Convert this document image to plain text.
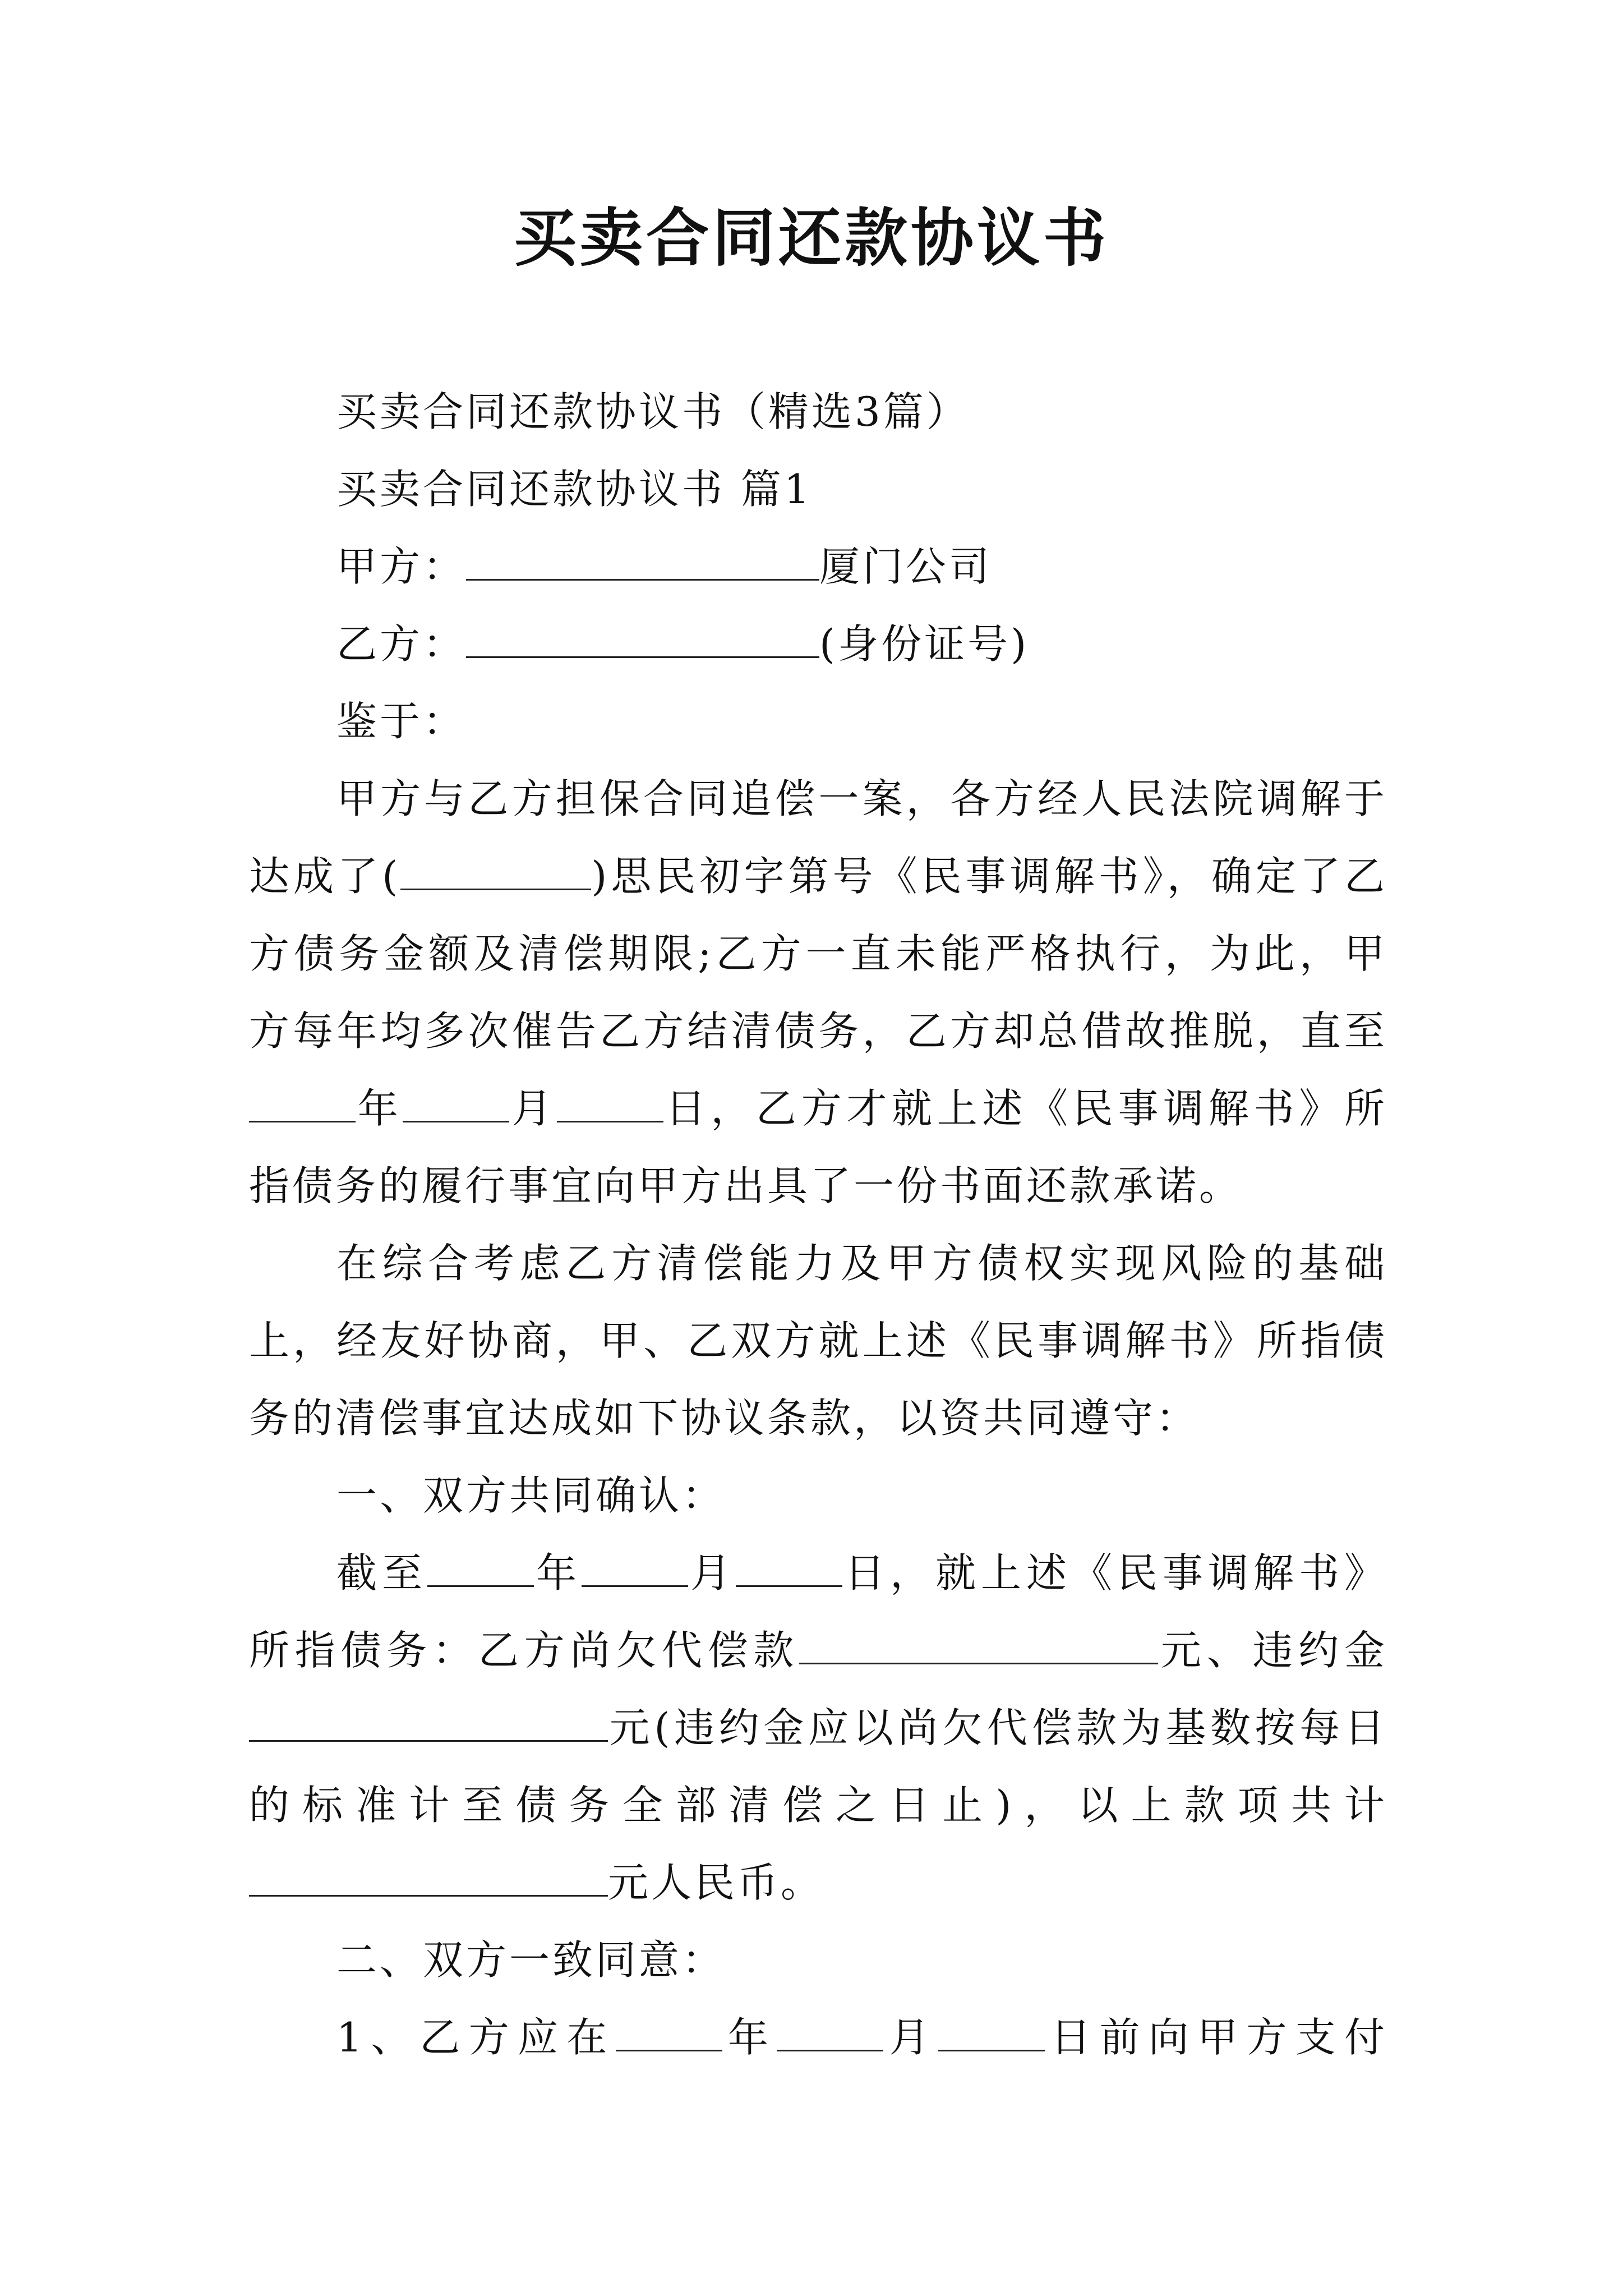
买卖合同还款协议书
买卖合同还款协议书（精选3篇）
买卖合同还款协议书 篇1
甲方：	厦门公司
乙方：	(身份证号)
鉴于：
甲方与乙方担保合同追偿一案，各方经人民法院调解于
达成了(	)思民初字第号《民事调解书》，确定了乙
方债务金额及清偿期限;乙方一直未能严格执行，为此，甲
方每年均多次催告乙方结清债务，乙方却总借故推脱，直至
年	月	日，乙方才就上述《民事调解书》所
指债务的履行事宜向甲方出具了一份书面还款承诺。
在综合考虑乙方清偿能力及甲方债权实现风险的基础
上，经友好协商，甲、乙双方就上述《民事调解书》所指债
务的清偿事宜达成如下协议条款，以资共同遵守：
一、双方共同确认：
截至	年	月	日，就上述《民事调解书》
所指债务：乙方尚欠代偿款	元、违约金
元(违约金应以尚欠代偿款为基数按每日
的标准计至债务全部清偿之日止)，以上款项共计
元人民币。
二、双方一致同意：
1、乙方应在	年	月	日前向甲方支付
